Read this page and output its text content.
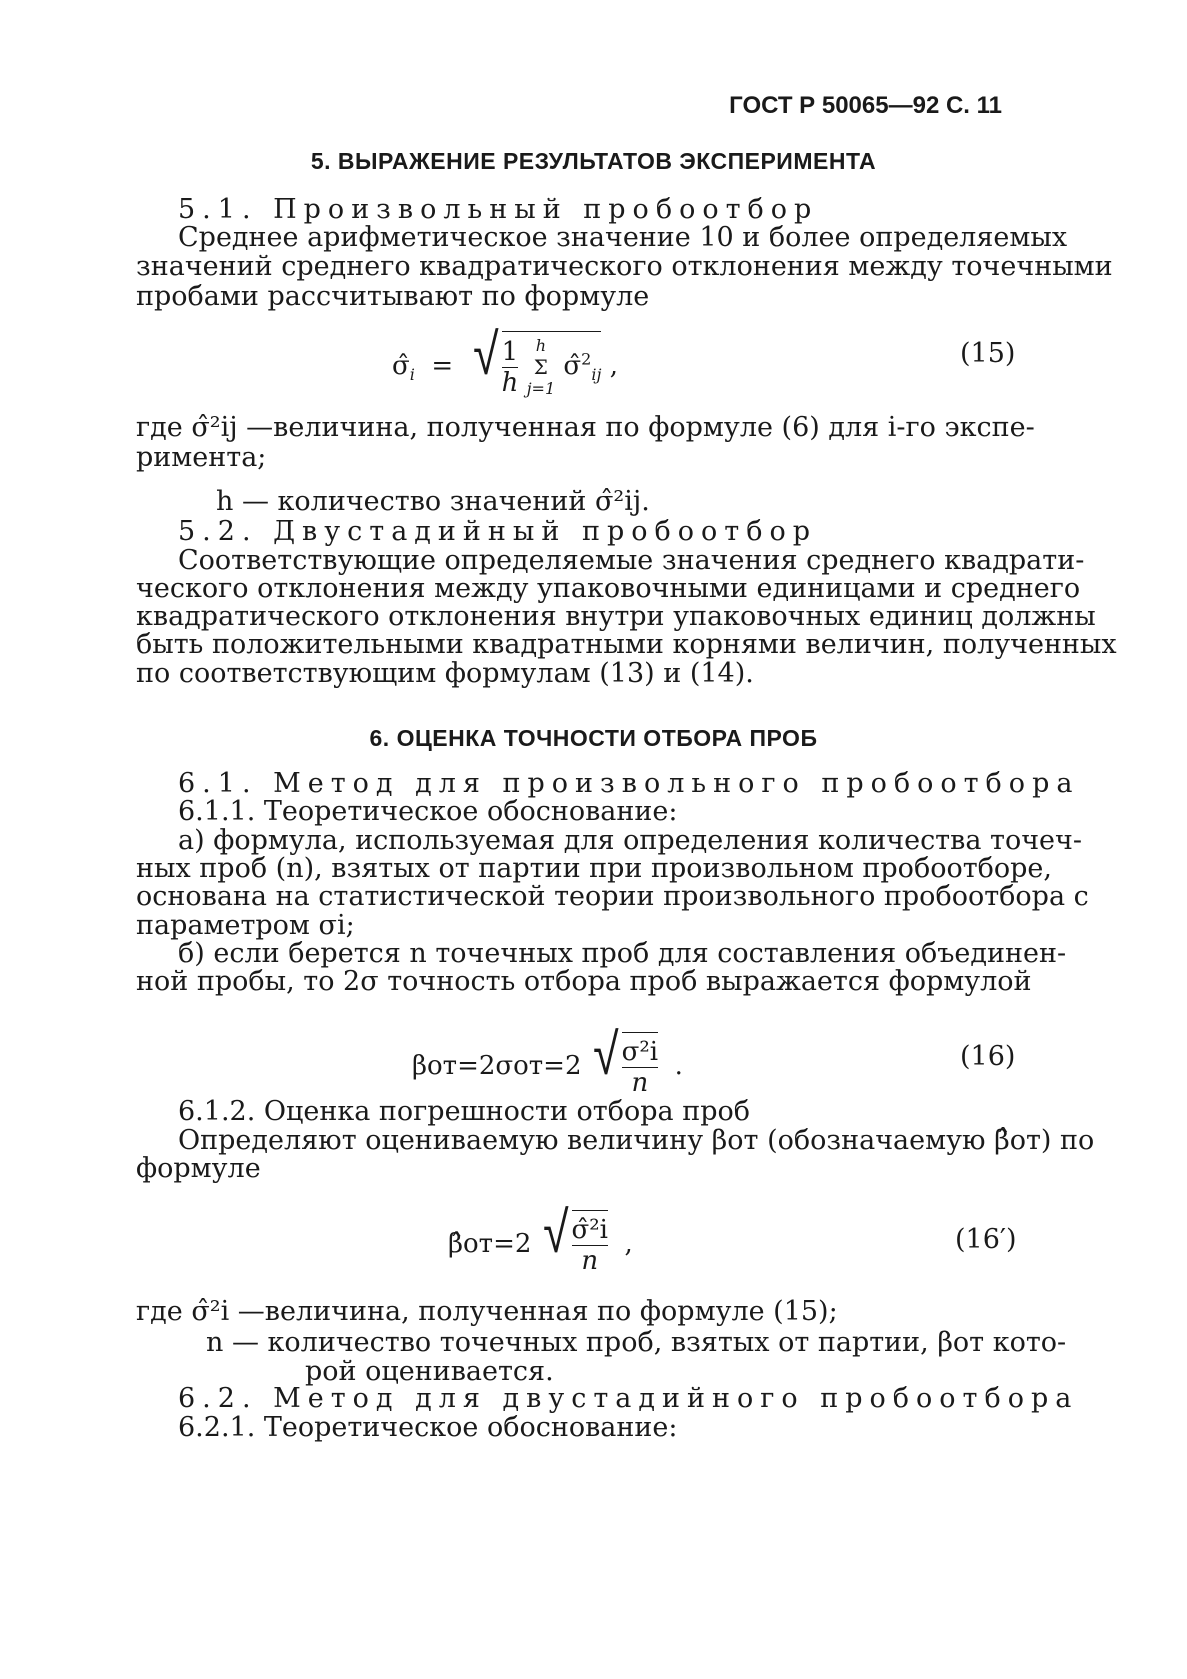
ГОСТ Р 50065—92 С. 11
5. ВЫРАЖЕНИЕ РЕЗУЛЬТАТОВ ЭКСПЕРИМЕНТА
5.1. Произвольный пробоотбор
Среднее арифметическое значение 10 и более определяемых
значений среднего квадратического отклонения между точечными
пробами рассчитывают по формуле
$\sigmâ_i$  =  √ $\frac{1}{h}$
	h
Σ
j=1
σ̂$^2_{ij}$ ,	(15)
где σ̂²ij —величина, полученная по формуле (6) для i-го экспе-
римента;
h — количество значений σ̂²ij.
5.2. Двустадийный пробоотбор
Соответствующие определяемые значения среднего квадрати-
ческого отклонения между упаковочными единицами и среднего
квадратического отклонения внутри упаковочных единиц должны
быть положительными квадратными корнями величин, полученных
по соответствующим формулам (13) и (14).
6. ОЦЕНКА ТОЧНОСТИ ОТБОРА ПРОБ
6.1. Метод для произвольного пробоотбора
6.1.1. Теоретическое обоснование:
а) формула, используемая для определения количества точеч-
ных проб (n), взятых от партии при произвольном пробоотборе,
основана на статистической теории произвольного пробоотбора с
параметром σi;
б) если берется n точечных проб для составления объединен-
ной пробы, то 2σ точность отбора проб выражается формулой
βот=2σот=2 √ $\frac{\text{σ²i}}{n}$ .	(16)
6.1.2. Оценка погрешности отбора проб
Определяют оцениваемую величину βот (обозначаемую β̂от) по
формуле
β̂от=2 √ $\frac{\text{σ̂²i}}{n}$ ,	(16′)
где σ̂²i —величина, полученная по формуле (15);
n — количество точечных проб, взятых от партии, βот кото-
рой оценивается.
6.2. Метод для двустадийного пробоотбора
6.2.1. Теоретическое обоснование:
